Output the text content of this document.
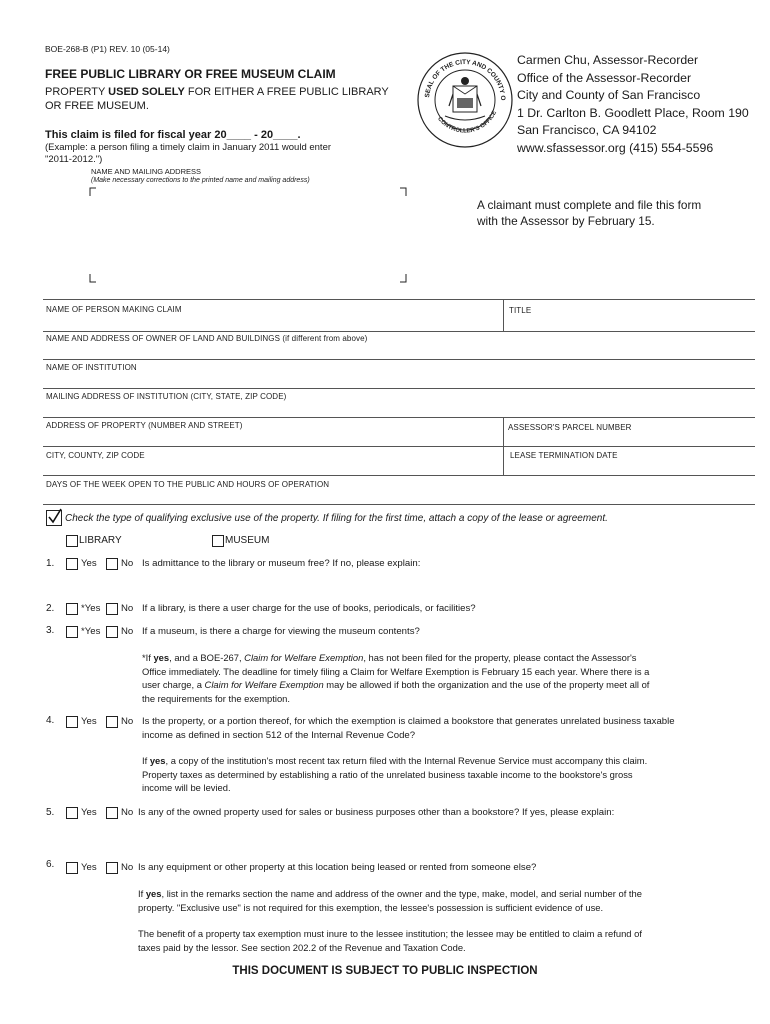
BOE-268-B (P1) REV. 10 (05-14)
FREE PUBLIC LIBRARY OR FREE MUSEUM CLAIM
PROPERTY USED SOLELY FOR EITHER A FREE PUBLIC LIBRARY
OR FREE MUSEUM.
This claim is filed for fiscal year 20____ - 20____.
(Example: a person filing a timely claim in January 2011 would enter
"2011-2012.")
NAME AND MAILING ADDRESS
(Make necessary corrections to the printed name and mailing address)
SEAL OF THE CITY AND COUNTY O
CONTROLLER'S OFFICE
Carmen Chu, Assessor-Recorder
Office of the Assessor-Recorder
City and County of San Francisco
1 Dr. Carlton B. Goodlett Place, Room 190
San Francisco, CA 94102
www.sfassessor.org (415) 554-5596
A claimant must complete and file this form
with the Assessor by February 15.
NAME OF PERSON MAKING CLAIM	TITLE
NAME AND ADDRESS OF OWNER OF LAND AND BUILDINGS (if different from above)
NAME OF INSTITUTION
MAILING ADDRESS OF INSTITUTION (CITY, STATE, ZIP CODE)
ADDRESS OF PROPERTY (NUMBER AND STREET)	ASSESSOR'S PARCEL NUMBER
CITY, COUNTY, ZIP CODE	LEASE TERMINATION DATE
DAYS OF THE WEEK OPEN TO THE PUBLIC AND HOURS OF OPERATION
Check the type of qualifying exclusive use of the property. If filing for the first time, attach a copy of the lease or agreement.
LIBRARY	MUSEUM
1.	Yes	No Is admittance to the library or museum free? If no, please explain:
2.	*Yes No If a library, is there a user charge for the use of books, periodicals, or facilities?
3.	*Yes No If a museum, is there a charge for viewing the museum contents?
*If yes, and a BOE-267, Claim for Welfare Exemption, has not been filed for the property, please contact the Assessor's
Office immediately. The deadline for timely filing a Claim for Welfare Exemption is February 15 each year. Where there is a
user charge, a Claim for Welfare Exemption may be allowed if both the organization and the use of the property meet all of
the requirements for the exemption.
4.	Yes	No Is the property, or a portion thereof, for which the exemption is claimed a bookstore that generates unrelated business taxable
income as defined in section 512 of the Internal Revenue Code?
If yes, a copy of the institution's most recent tax return filed with the Internal Revenue Service must accompany this claim.
Property taxes as determined by establishing a ratio of the unrelated business taxable income to the bookstore's gross
income will be levied.
5.	Yes	No Is any of the owned property used for sales or business purposes other than a bookstore? If yes, please explain:
6.	Yes	No Is any equipment or other property at this location being leased or rented from someone else?
If yes, list in the remarks section the name and address of the owner and the type, make, model, and serial number of the
property. "Exclusive use" is not required for this exemption, the lessee's possession is sufficient evidence of use.
The benefit of a property tax exemption must inure to the lessee institution; the lessee may be entitled to claim a refund of
taxes paid by the lessor. See section 202.2 of the Revenue and Taxation Code.
THIS DOCUMENT IS SUBJECT TO PUBLIC INSPECTION
